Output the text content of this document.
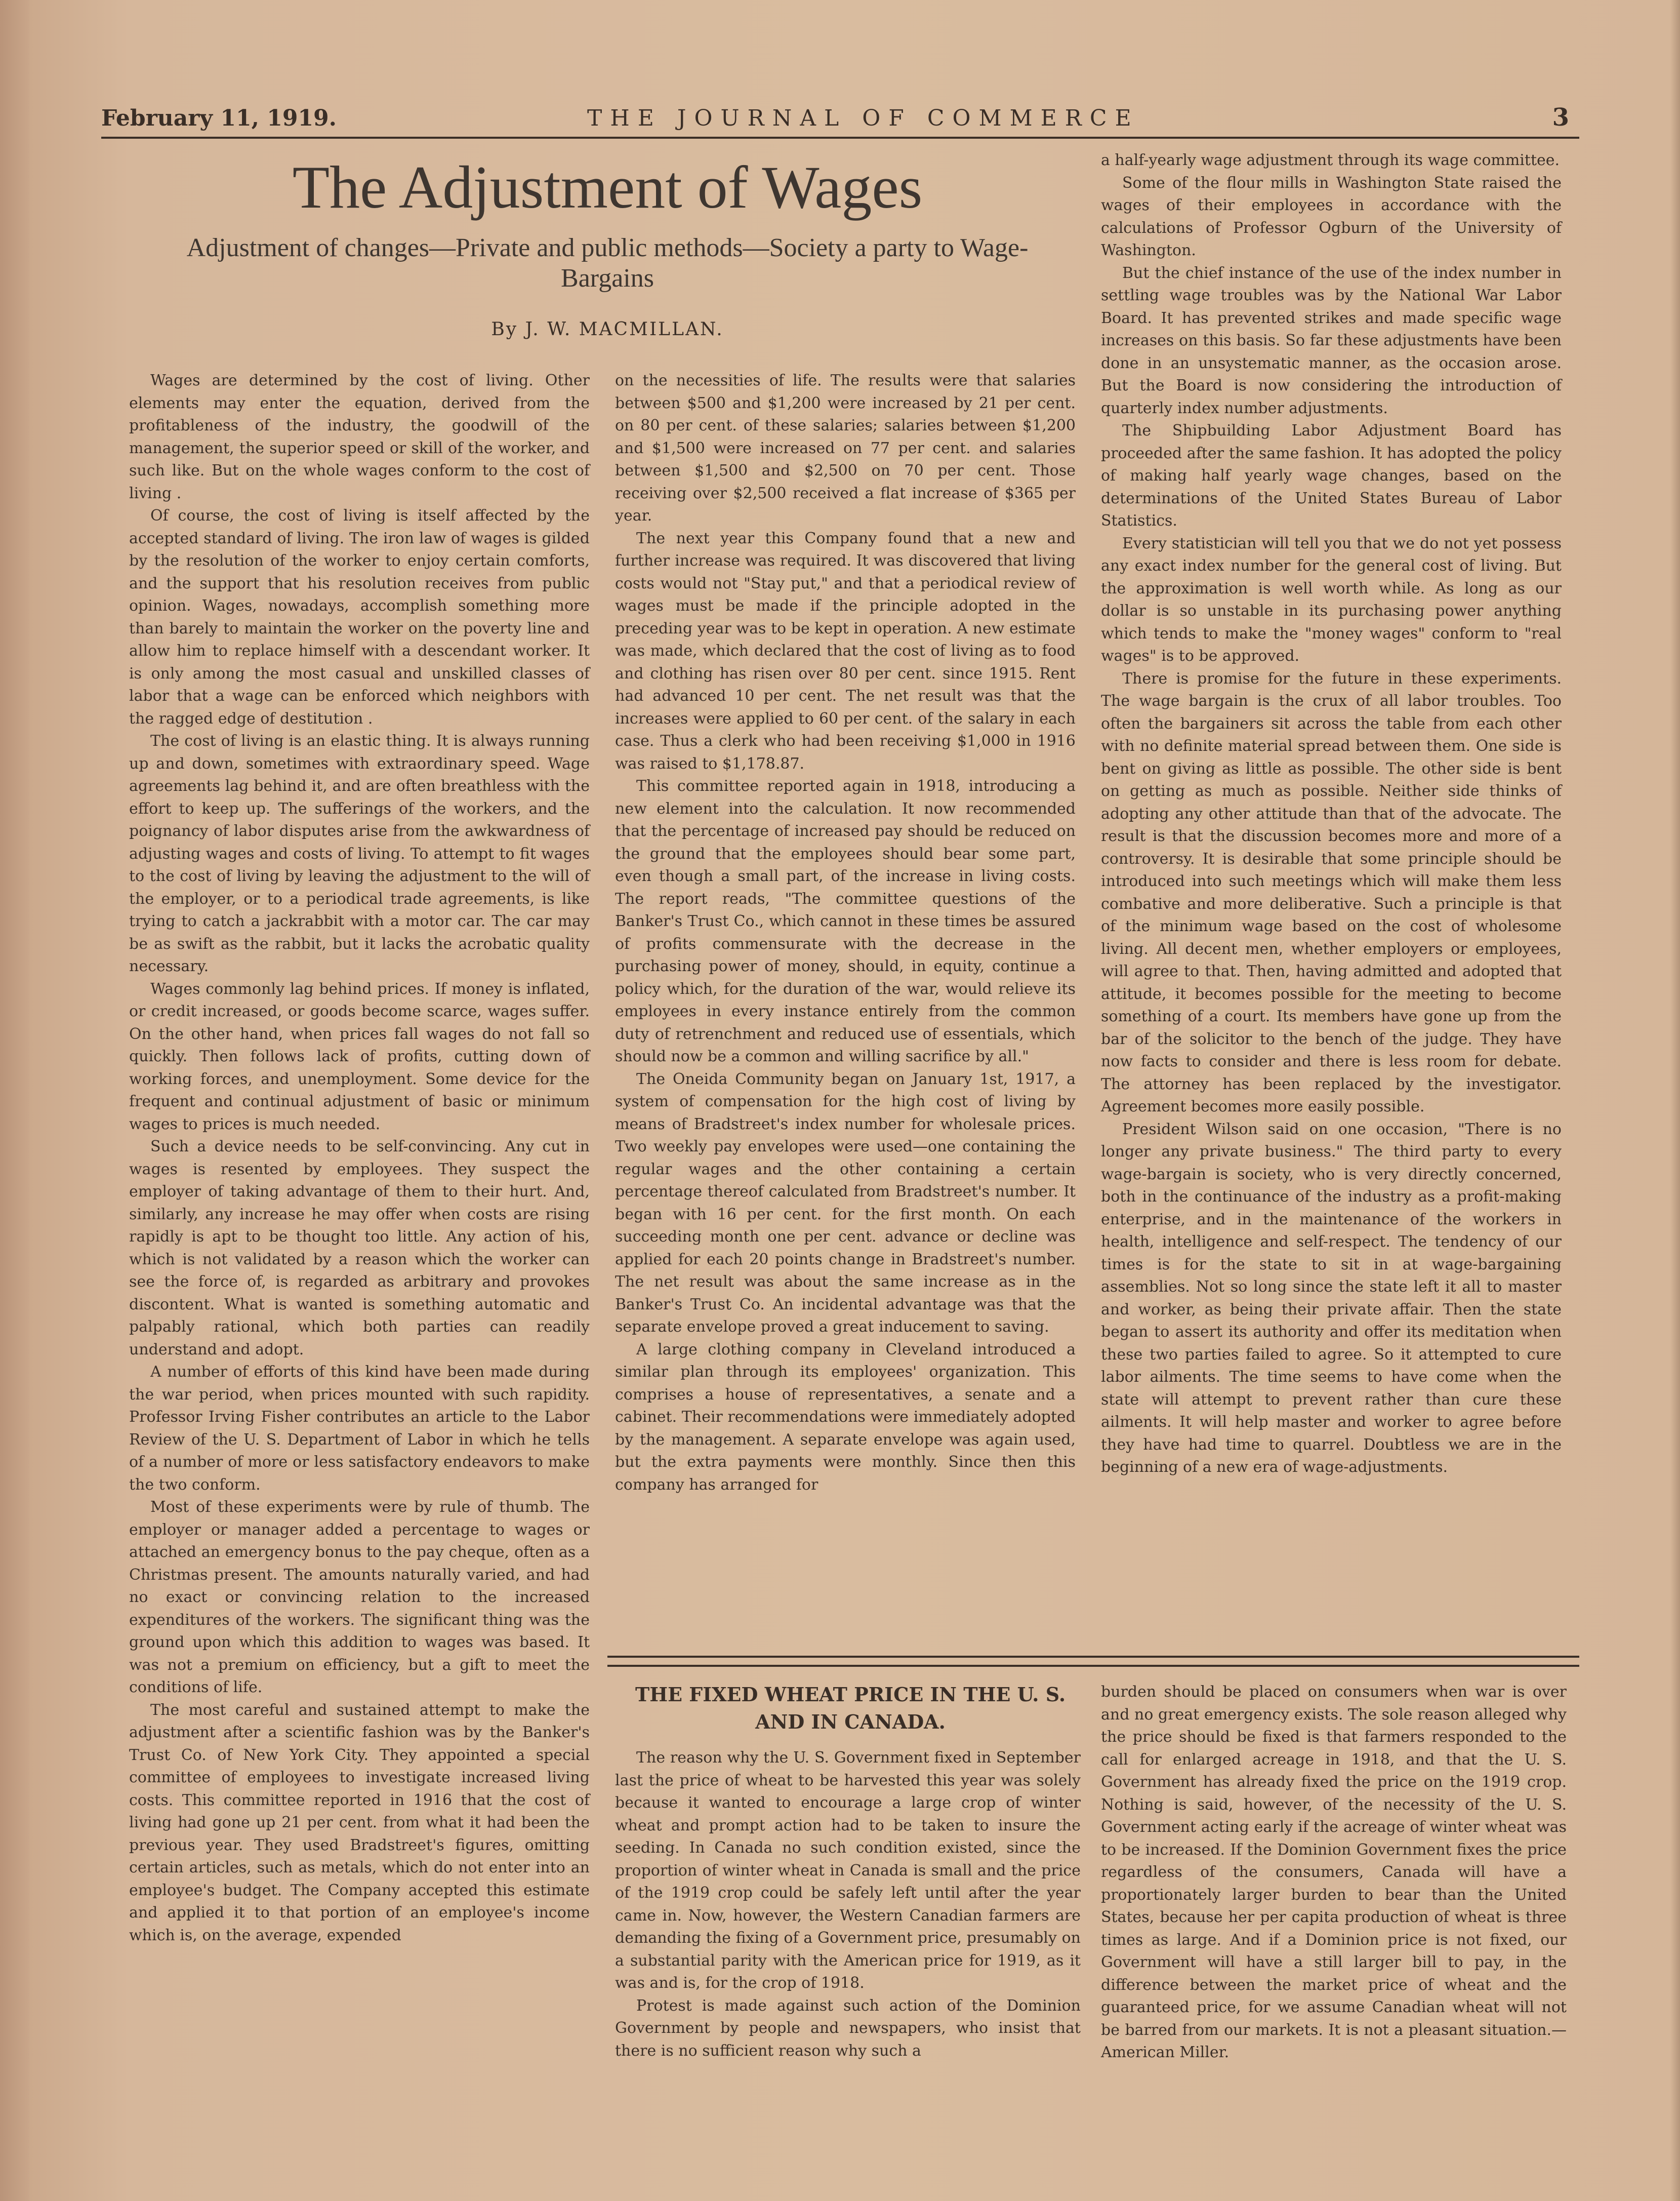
February 11, 1919.	THE JOURNAL OF COMMERCE	3
The Adjustment of Wages
Adjustment of changes—Private and public methods—Society a party to Wage-Bargains
By J. W. MACMILLAN.

Wages are determined by the cost of living. Other elements may enter the equation, derived from the profitableness of the industry, the goodwill of the management, the superior speed or skill of the worker, and such like. But on the whole wages conform to the cost of living .

Of course, the cost of living is itself affected by the accepted standard of living. The iron law of wages is gilded by the resolution of the worker to enjoy certain comforts, and the support that his resolution receives from public opinion. Wages, nowadays, accomplish something more than barely to maintain the worker on the poverty line and allow him to replace himself with a descendant worker. It is only among the most casual and unskilled classes of labor that a wage can be enforced which neighbors with the ragged edge of destitution .

The cost of living is an elastic thing. It is always running up and down, sometimes with extraordinary speed. Wage agreements lag behind it, and are often breathless with the effort to keep up. The sufferings of the workers, and the poignancy of labor disputes arise from the awkwardness of adjusting wages and costs of living. To attempt to fit wages to the cost of living by leaving the adjustment to the will of the employer, or to a periodical trade agreements, is like trying to catch a jackrabbit with a motor car. The car may be as swift as the rabbit, but it lacks the acrobatic quality necessary.

Wages commonly lag behind prices. If money is inflated, or credit increased, or goods become scarce, wages suffer. On the other hand, when prices fall wages do not fall so quickly. Then follows lack of profits, cutting down of working forces, and unemployment. Some device for the frequent and continual adjustment of basic or minimum wages to prices is much needed.

Such a device needs to be self-convincing. Any cut in wages is resented by employees. They suspect the employer of taking advantage of them to their hurt. And, similarly, any increase he may offer when costs are rising rapidly is apt to be thought too little. Any action of his, which is not validated by a reason which the worker can see the force of, is regarded as arbitrary and provokes discontent. What is wanted is something automatic and palpably rational, which both parties can readily understand and adopt.

A number of efforts of this kind have been made during the war period, when prices mounted with such rapidity. Professor Irving Fisher contributes an article to the Labor Review of the U. S. Department of Labor in which he tells of a number of more or less satisfactory endeavors to make the two conform.

Most of these experiments were by rule of thumb. The employer or manager added a percentage to wages or attached an emergency bonus to the pay cheque, often as a Christmas present. The amounts naturally varied, and had no exact or convincing relation to the increased expenditures of the workers. The significant thing was the ground upon which this addition to wages was based. It was not a premium on efficiency, but a gift to meet the conditions of life.

The most careful and sustained attempt to make the adjustment after a scientific fashion was by the Banker's Trust Co. of New York City. They appointed a special committee of employees to investigate increased living costs. This committee reported in 1916 that the cost of living had gone up 21 per cent. from what it had been the previous year. They used Bradstreet's figures, omitting certain articles, such as metals, which do not enter into an employee's budget. The Company accepted this estimate and applied it to that portion of an employee's income which is, on the average, expended

on the necessities of life. The results were that salaries between $500 and $1,200 were increased by 21 per cent. on 80 per cent. of these salaries; salaries between $1,200 and $1,500 were increased on 77 per cent. and salaries between $1,500 and $2,500 on 70 per cent. Those receiving over $2,500 received a flat increase of $365 per year.

The next year this Company found that a new and further increase was required. It was discovered that living costs would not "Stay put," and that a periodical review of wages must be made if the principle adopted in the preceding year was to be kept in operation. A new estimate was made, which declared that the cost of living as to food and clothing has risen over 80 per cent. since 1915. Rent had advanced 10 per cent. The net result was that the increases were applied to 60 per cent. of the salary in each case. Thus a clerk who had been receiving $1,000 in 1916 was raised to $1,178.87.

This committee reported again in 1918, introducing a new element into the calculation. It now recommended that the percentage of increased pay should be reduced on the ground that the employees should bear some part, even though a small part, of the increase in living costs. The report reads, "The committee questions of the Banker's Trust Co., which cannot in these times be assured of profits commensurate with the decrease in the purchasing power of money, should, in equity, continue a policy which, for the duration of the war, would relieve its employees in every instance entirely from the common duty of retrenchment and reduced use of essentials, which should now be a common and willing sacrifice by all."

The Oneida Community began on January 1st, 1917, a system of compensation for the high cost of living by means of Bradstreet's index number for wholesale prices. Two weekly pay envelopes were used—one containing the regular wages and the other containing a certain percentage thereof calculated from Bradstreet's number. It began with 16 per cent. for the first month. On each succeeding month one per cent. advance or decline was applied for each 20 points change in Bradstreet's number. The net result was about the same increase as in the Banker's Trust Co. An incidental advantage was that the separate envelope proved a great inducement to saving.

A large clothing company in Cleveland introduced a similar plan through its employees' organization. This comprises a house of representatives, a senate and a cabinet. Their recommendations were immediately adopted by the management. A separate envelope was again used, but the extra payments were monthly. Since then this company has arranged for

a half-yearly wage adjustment through its wage committee.

Some of the flour mills in Washington State raised the wages of their employees in accordance with the calculations of Professor Ogburn of the University of Washington.

But the chief instance of the use of the index number in settling wage troubles was by the National War Labor Board. It has prevented strikes and made specific wage increases on this basis. So far these adjustments have been done in an unsystematic manner, as the occasion arose. But the Board is now considering the introduction of quarterly index number adjustments.

The Shipbuilding Labor Adjustment Board has proceeded after the same fashion. It has adopted the policy of making half yearly wage changes, based on the determinations of the United States Bureau of Labor Statistics.

Every statistician will tell you that we do not yet possess any exact index number for the general cost of living. But the approximation is well worth while. As long as our dollar is so unstable in its purchasing power anything which tends to make the "money wages" conform to "real wages" is to be approved.

There is promise for the future in these experiments. The wage bargain is the crux of all labor troubles. Too often the bargainers sit across the table from each other with no definite material spread between them. One side is bent on giving as little as possible. The other side is bent on getting as much as possible. Neither side thinks of adopting any other attitude than that of the advocate. The result is that the discussion becomes more and more of a controversy. It is desirable that some principle should be introduced into such meetings which will make them less combative and more deliberative. Such a principle is that of the minimum wage based on the cost of wholesome living. All decent men, whether employers or employees, will agree to that. Then, having admitted and adopted that attitude, it becomes possible for the meeting to become something of a court. Its members have gone up from the bar of the solicitor to the bench of the judge. They have now facts to consider and there is less room for debate. The attorney has been replaced by the investigator. Agreement becomes more easily possible.

President Wilson said on one occasion, "There is no longer any private business." The third party to every wage-bargain is society, who is very directly concerned, both in the continuance of the industry as a profit-making enterprise, and in the maintenance of the workers in health, intelligence and self-respect. The tendency of our times is for the state to sit in at wage-bargaining assemblies. Not so long since the state left it all to master and worker, as being their private affair. Then the state began to assert its authority and offer its meditation when these two parties failed to agree. So it attempted to cure labor ailments. The time seems to have come when the state will attempt to prevent rather than cure these ailments. It will help master and worker to agree before they have had time to quarrel. Doubtless we are in the beginning of a new era of wage-adjustments.

THE FIXED WHEAT PRICE IN THE U. S. AND IN CANADA.

The reason why the U. S. Government fixed in September last the price of wheat to be harvested this year was solely because it wanted to encourage a large crop of winter wheat and prompt action had to be taken to insure the seeding. In Canada no such condition existed, since the proportion of winter wheat in Canada is small and the price of the 1919 crop could be safely left until after the year came in. Now, however, the Western Canadian farmers are demanding the fixing of a Government price, presumably on a substantial parity with the American price for 1919, as it was and is, for the crop of 1918.

Protest is made against such action of the Dominion Government by people and newspapers, who insist that there is no sufficient reason why such a

burden should be placed on consumers when war is over and no great emergency exists. The sole reason alleged why the price should be fixed is that farmers responded to the call for enlarged acreage in 1918, and that the U. S. Government has already fixed the price on the 1919 crop. Nothing is said, however, of the necessity of the U. S. Government acting early if the acreage of winter wheat was to be increased. If the Dominion Government fixes the price regardless of the consumers, Canada will have a proportionately larger burden to bear than the United States, because her per capita production of wheat is three times as large. And if a Dominion price is not fixed, our Government will have a still larger bill to pay, in the difference between the market price of wheat and the guaranteed price, for we assume Canadian wheat will not be barred from our markets. It is not a pleasant situation.—American Miller.
